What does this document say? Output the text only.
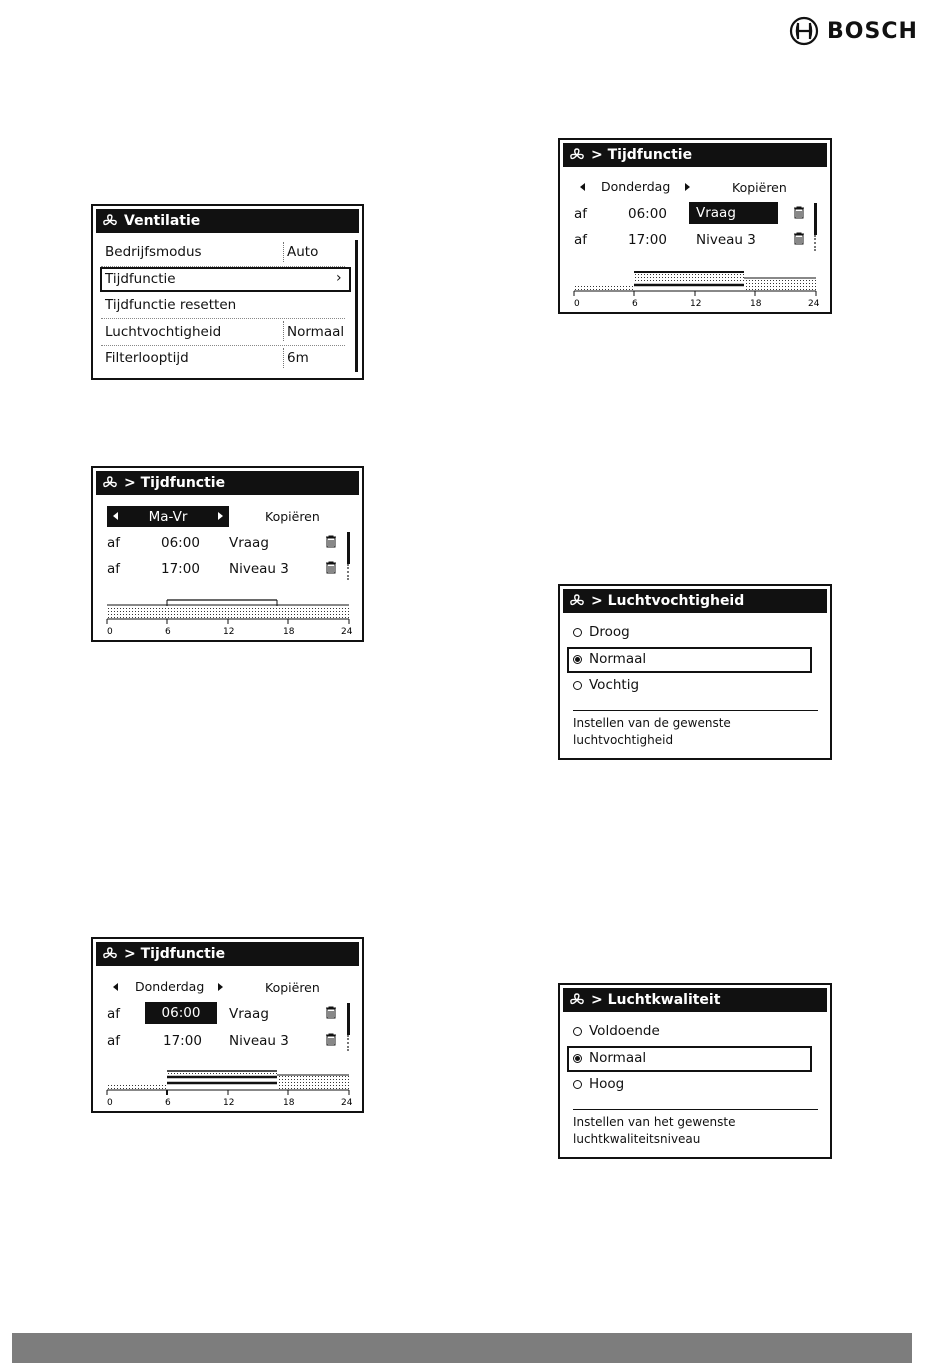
BOSCH
Ventilatie
Bedrijfsmodus	Auto
Tijdfunctie	›
Tijdfunctie resetten
Luchtvochtigheid	Normaal
Filterlooptijd	6m
> Tijdfunctie
Ma-Vr	Kopiëren
af	06:00 Vraag
af	17:00 Niveau 3
0	6	12	18	24
> Tijdfunctie
Donderdag	Kopiëren
af	06:00 Vraag
af	17:00 Niveau 3
0	6	12	18	24
> Tijdfunctie
Donderdag	Kopiëren
af	06:00 Vraag
af	17:00 Niveau 3
0	6	12	18	24
> Luchtvochtigheid
Droog
Normaal
Vochtig
Instellen van de gewenste
luchtvochtigheid
> Luchtkwaliteit
Voldoende
Normaal
Hoog
Instellen van het gewenste
luchtkwaliteitsniveau
